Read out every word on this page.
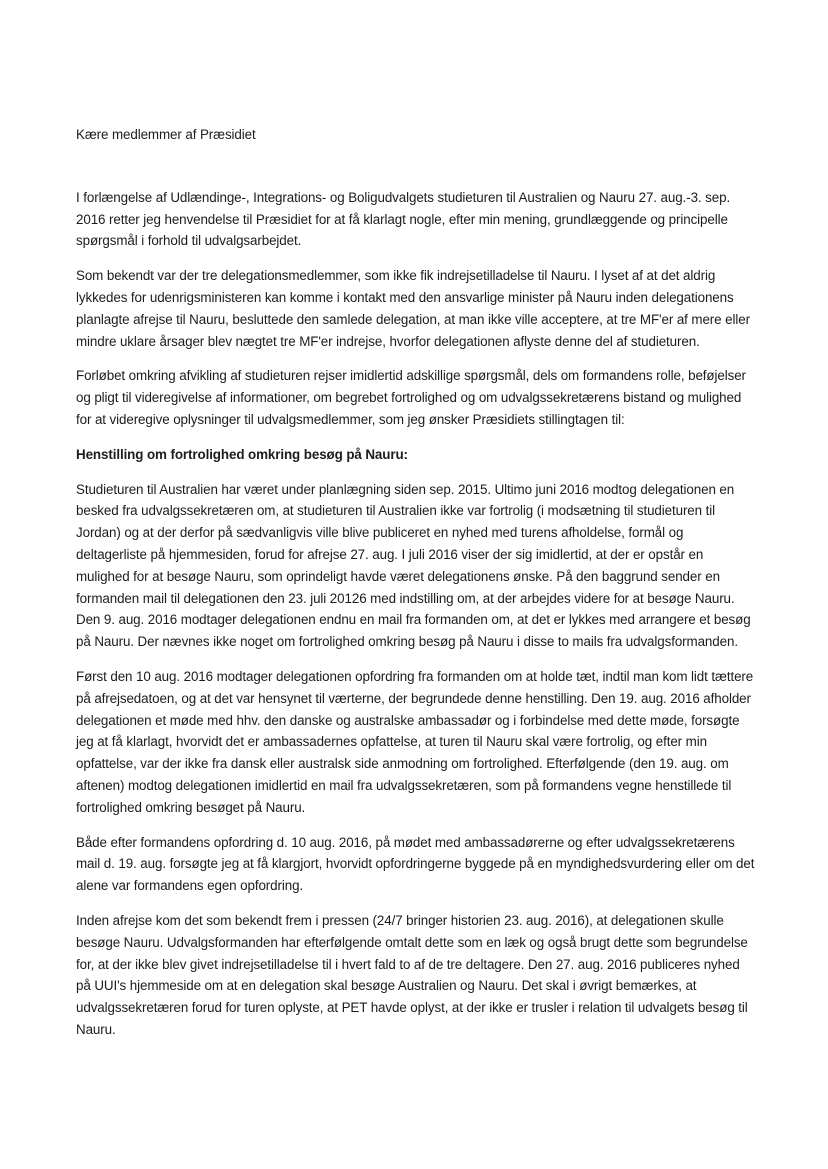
Kære medlemmer af Præsidiet

I forlængelse af Udlændinge-, Integrations- og Boligudvalgets studieturen til Australien og Nauru 27. aug.-3. sep. 2016 retter jeg henvendelse til Præsidiet for at få klarlagt nogle, efter min mening, grundlæggende og principelle spørgsmål i forhold til udvalgsarbejdet.

Som bekendt var der tre delegationsmedlemmer, som ikke fik indrejsetilladelse til Nauru. I lyset af at det aldrig lykkedes for udenrigsministeren kan komme i kontakt med den ansvarlige minister på Nauru inden delegationens planlagte afrejse til Nauru, besluttede den samlede delegation, at man ikke ville acceptere, at tre MF'er af mere eller mindre uklare årsager blev nægtet tre MF'er indrejse, hvorfor delegationen aflyste denne del af studieturen.

Forløbet omkring afvikling af studieturen rejser imidlertid adskillige spørgsmål, dels om formandens rolle, beføjelser og pligt til videregivelse af informationer, om begrebet fortrolighed og om udvalgssekretærens bistand og mulighed for at videregive oplysninger til udvalgsmedlemmer, som jeg ønsker Præsidiets stillingtagen til:

Henstilling om fortrolighed omkring besøg på Nauru:

Studieturen til Australien har været under planlægning siden sep. 2015. Ultimo juni 2016 modtog delegationen en besked fra udvalgssekretæren om, at studieturen til Australien ikke var fortrolig (i modsætning til studieturen til Jordan) og at der derfor på sædvanligvis ville blive publiceret en nyhed med turens afholdelse, formål og deltagerliste på hjemmesiden, forud for afrejse 27. aug. I juli 2016 viser der sig imidlertid, at der er opstår en mulighed for at besøge Nauru, som oprindeligt havde været delegationens ønske. På den baggrund sender en formanden mail til delegationen den 23. juli 20126 med indstilling om, at der arbejdes videre for at besøge Nauru. Den 9. aug. 2016 modtager delegationen endnu en mail fra formanden om, at det er lykkes med arrangere et besøg på Nauru. Der nævnes ikke noget om fortrolighed omkring besøg på Nauru i disse to mails fra udvalgsformanden.

Først den 10 aug. 2016 modtager delegationen opfordring fra formanden om at holde tæt, indtil man kom lidt tættere på afrejsedatoen, og at det var hensynet til værterne, der begrundede denne henstilling. Den 19. aug. 2016 afholder delegationen et møde med hhv. den danske og australske ambassadør og i forbindelse med dette møde, forsøgte jeg at få klarlagt, hvorvidt det er ambassadernes opfattelse, at turen til Nauru skal være fortrolig, og efter min opfattelse, var der ikke fra dansk eller australsk side anmodning om fortrolighed. Efterfølgende (den 19. aug. om aftenen) modtog delegationen imidlertid en mail fra udvalgssekretæren, som på formandens vegne henstillede til fortrolighed omkring besøget på Nauru.

Både efter formandens opfordring d. 10 aug. 2016, på mødet med ambassadørerne og efter udvalgssekretærens mail d. 19. aug. forsøgte jeg at få klargjort, hvorvidt opfordringerne byggede på en myndighedsvurdering eller om det alene var formandens egen opfordring.

Inden afrejse kom det som bekendt frem i pressen (24/7 bringer historien 23. aug. 2016), at delegationen skulle besøge Nauru. Udvalgsformanden har efterfølgende omtalt dette som en læk og også brugt dette som begrundelse for, at der ikke blev givet indrejsetilladelse til i hvert fald to af de tre deltagere. Den 27. aug. 2016 publiceres nyhed på UUI's hjemmeside om at en delegation skal besøge Australien og Nauru. Det skal i øvrigt bemærkes, at udvalgssekretæren forud for turen oplyste, at PET havde oplyst, at der ikke er trusler i relation til udvalgets besøg til Nauru.
